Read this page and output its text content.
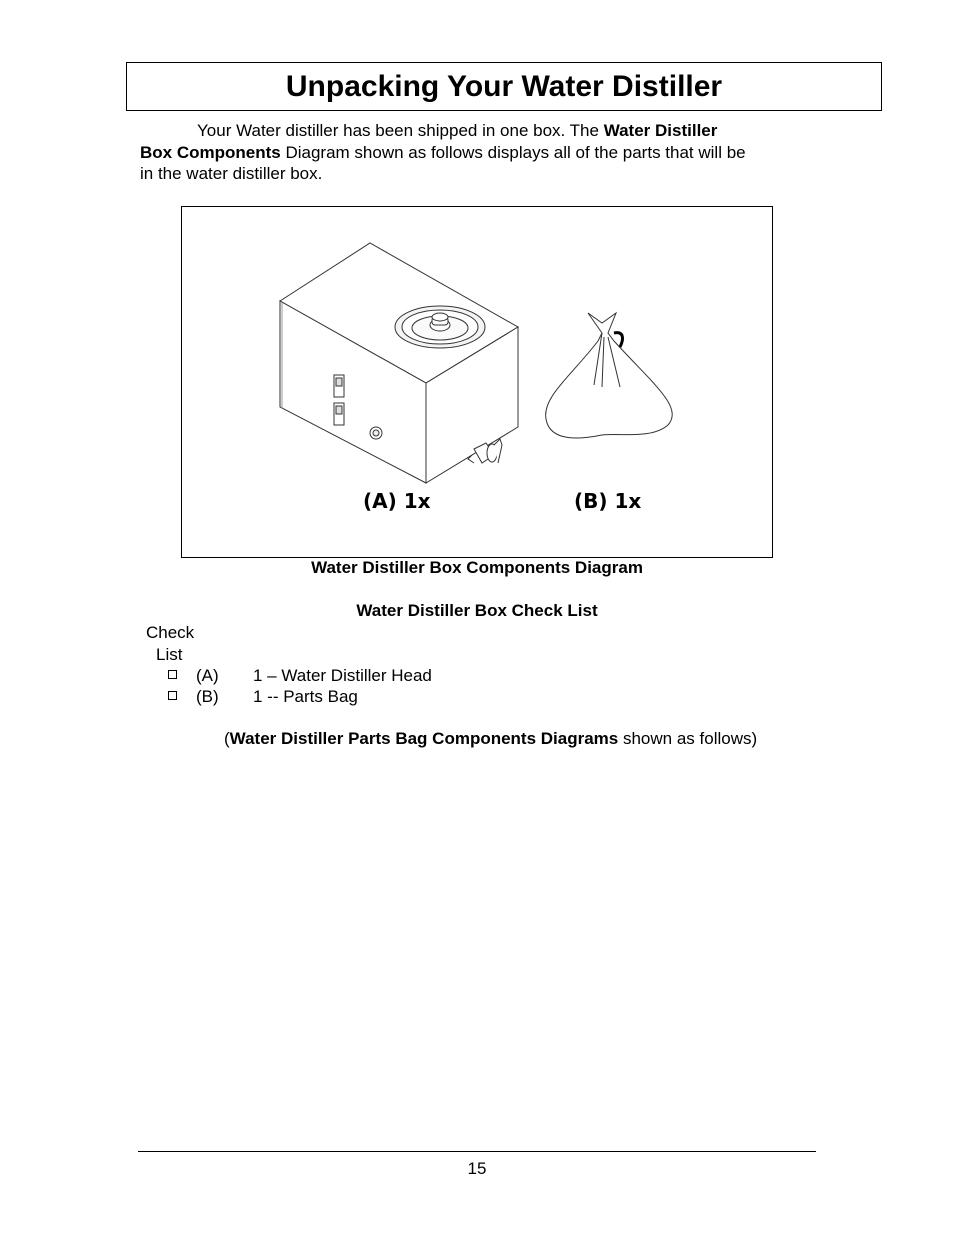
Unpacking Your Water Distiller
Your Water distiller has been shipped in one box. The Water Distiller
Box Components Diagram shown as follows displays all of the parts that will be
in the water distiller box.
(A) 1x	(B) 1x
Water Distiller Box Components Diagram
Water Distiller Box Check List
Check
List
(A) 1 – Water Distiller Head
(B) 1 -- Parts Bag
(Water Distiller Parts Bag Components Diagrams shown as follows)
15
